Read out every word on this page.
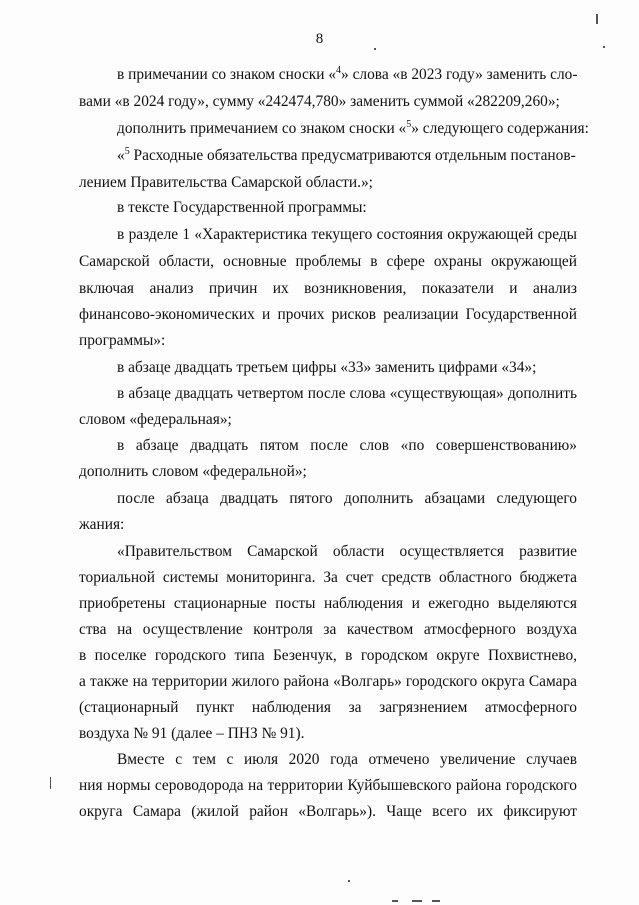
8
в примечании со знаком сноски «$^4$» слова «в 2023 году» заменить сло-
вами «в 2024 году», сумму «242474,780» заменить суммой «282209,260»;
дополнить примечанием со знаком сноски «$^5$» следующего содержания:
«$^5$ Расходные обязательства предусматриваются отдельным постанов-
лением Правительства Самарской области.»;
в тексте Государственной программы:
в разделе 1 «Характеристика текущего состояния окружающей среды
Самарской области, основные проблемы в сфере охраны окружающей
включая анализ причин их возникновения, показатели и анализ
финансово-экономических и прочих рисков реализации Государственной
программы»:
в абзаце двадцать третьем цифры «33» заменить цифрами «34»;
в абзаце двадцать четвертом после слова «существующая» дополнить
словом «федеральная»;
в абзаце двадцать пятом после слов «по совершенствованию»
дополнить словом «федеральной»;
после абзаца двадцать пятого дополнить абзацами следующего
жания:
«Правительством Самарской области осуществляется развитие
ториальной системы мониторинга. За счет средств областного бюджета
приобретены стационарные посты наблюдения и ежегодно выделяются
ства на осуществление контроля за качеством атмосферного воздуха
в поселке городского типа Безенчук, в городском округе Похвистнево,
а также на территории жилого района «Волгарь» городского округа Самара
(стационарный пункт наблюдения за загрязнением атмосферного
воздуха № 91 (далее – ПНЗ № 91).
Вместе с тем с июля 2020 года отмечено увеличение случаев
ния нормы сероводорода на территории Куйбышевского района городского
округа Самара (жилой район «Волгарь»). Чаще всего их фиксируют
